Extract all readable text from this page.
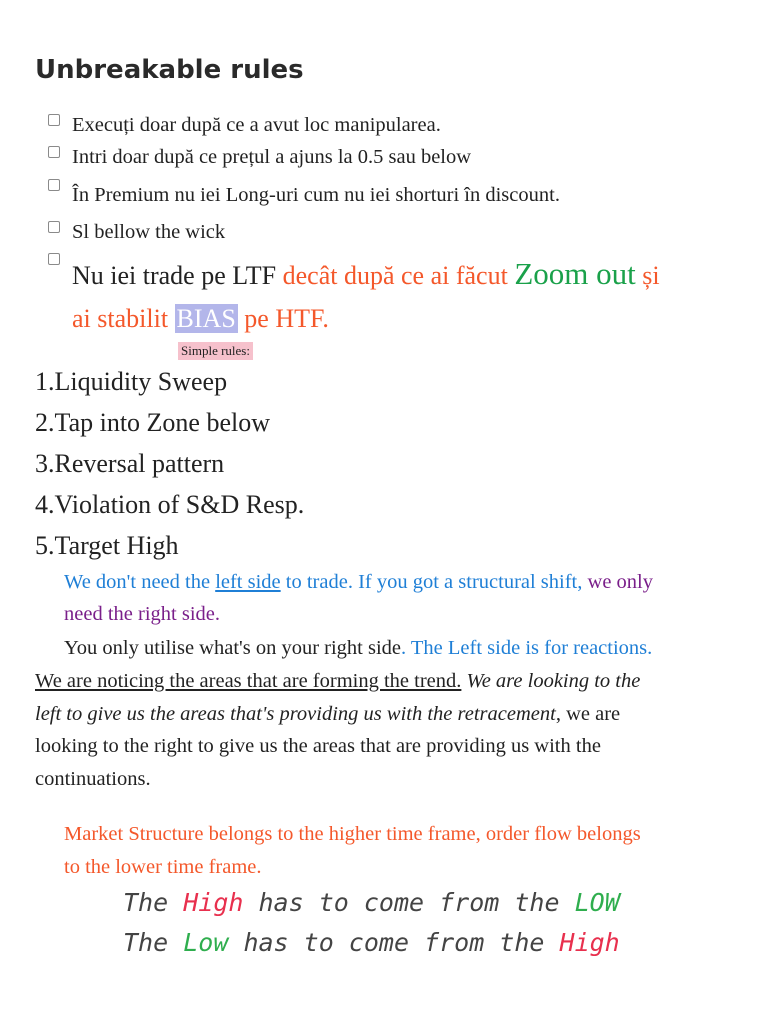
Unbreakable rules
Execuți doar după ce a avut loc manipularea.
Intri doar după ce prețul a ajuns la 0.5 sau below
În Premium nu iei Long-uri cum nu iei shorturi în discount.
Sl bellow the wick
Nu iei trade pe LTF decât după ce ai făcut Zoom out și
ai stabilit BIAS pe HTF.
Simple rules:
1.Liquidity Sweep
2.Tap into Zone below
3.Reversal pattern
4.Violation of S&D Resp.
5.Target High
We don't need the left side to trade. If you got a structural shift, we only
need the right side.
You only utilise what's on your right side. The Left side is for reactions.
We are noticing the areas that are forming the trend. We are looking to the
left to give us the areas that's providing us with the retracement, we are
looking to the right to give us the areas that are providing us with the
continuations.
Market Structure belongs to the higher time frame, order flow belongs
to the lower time frame.
The High has to come from the LOW
The Low has to come from the High
